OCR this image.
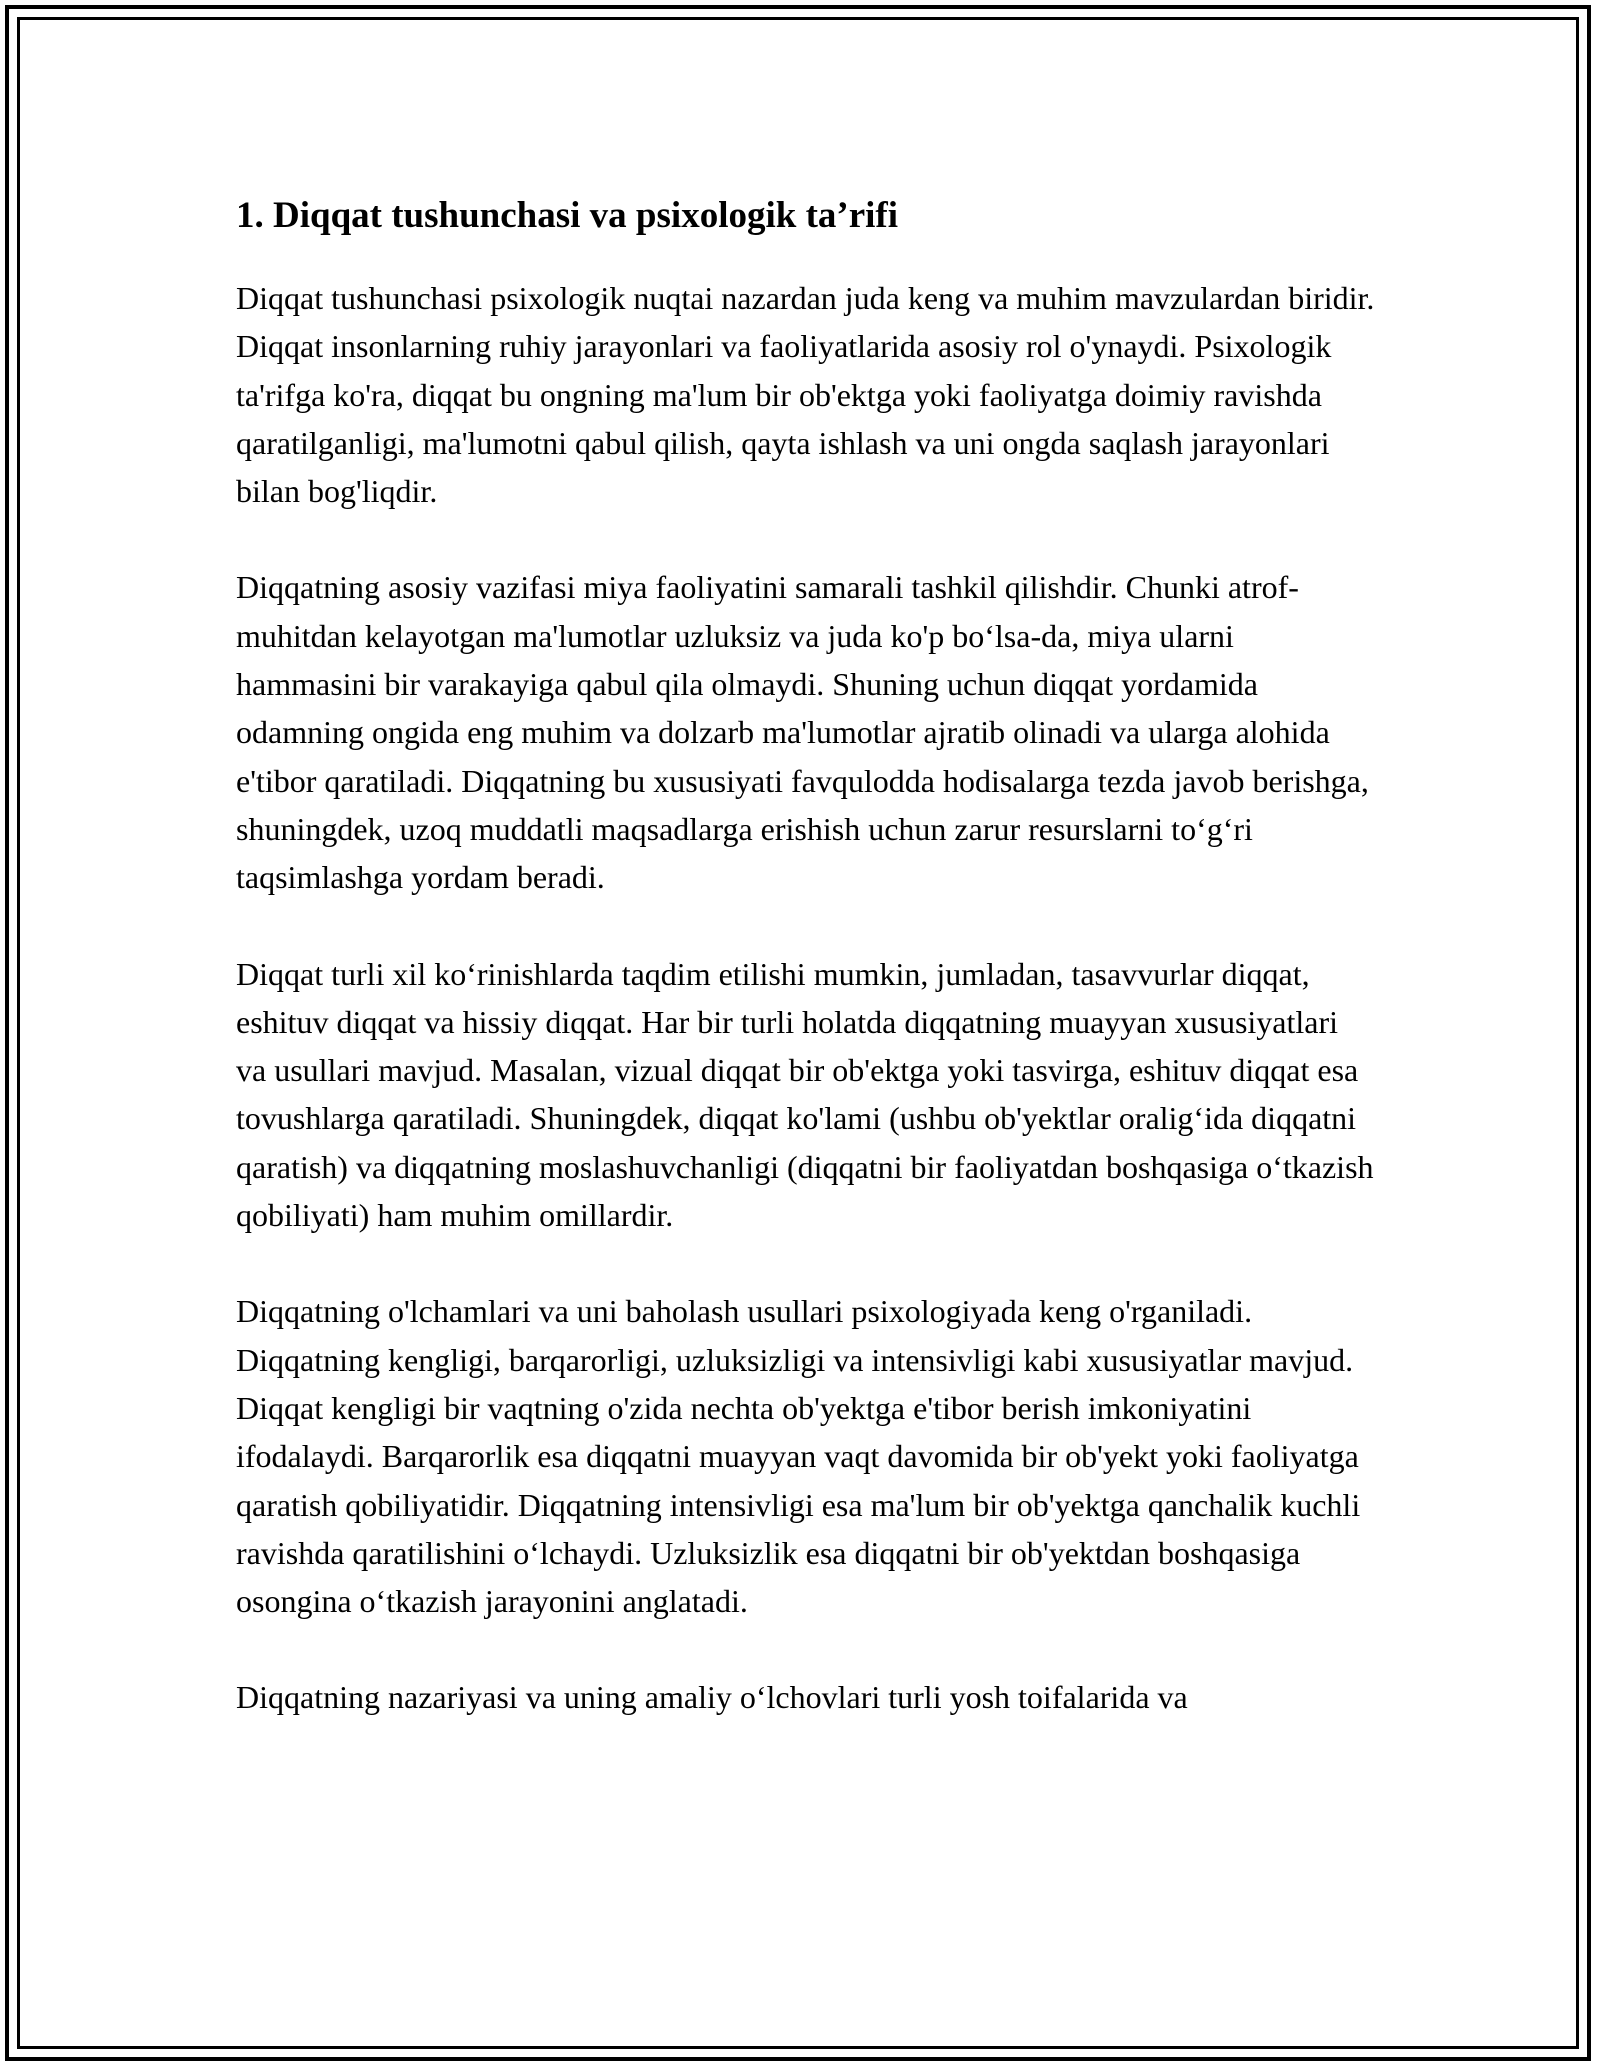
1. Diqqat tushunchasi va psixologik ta’rifi

Diqqat tushunchasi psixologik nuqtai nazardan juda keng va muhim mavzulardan biridir. Diqqat insonlarning ruhiy jarayonlari va faoliyatlarida asosiy rol o'ynaydi. Psixologik ta'rifga ko'ra, diqqat bu ongning ma'lum bir ob'ektga yoki faoliyatga doimiy ravishda qaratilganligi, ma'lumotni qabul qilish, qayta ishlash va uni ongda saqlash jarayonlari bilan bog'liqdir.

Diqqatning asosiy vazifasi miya faoliyatini samarali tashkil qilishdir. Chunki atrof-muhitdan kelayotgan ma'lumotlar uzluksiz va juda ko'p bo‘lsa-da, miya ularni hammasini bir varakayiga qabul qila olmaydi. Shuning uchun diqqat yordamida odamning ongida eng muhim va dolzarb ma'lumotlar ajratib olinadi va ularga alohida e'tibor qaratiladi. Diqqatning bu xususiyati favqulodda hodisalarga tezda javob berishga, shuningdek, uzoq muddatli maqsadlarga erishish uchun zarur resurslarni to‘g‘ri taqsimlashga yordam beradi.

Diqqat turli xil ko‘rinishlarda taqdim etilishi mumkin, jumladan, tasavvurlar diqqat, eshituv diqqat va hissiy diqqat. Har bir turli holatda diqqatning muayyan xususiyatlari va usullari mavjud. Masalan, vizual diqqat bir ob'ektga yoki tasvirga, eshituv diqqat esa tovushlarga qaratiladi. Shuningdek, diqqat ko'lami (ushbu ob'yektlar oralig‘ida diqqatni qaratish) va diqqatning moslashuvchanligi (diqqatni bir faoliyatdan boshqasiga o‘tkazish qobiliyati) ham muhim omillardir.

Diqqatning o'lchamlari va uni baholash usullari psixologiyada keng o'rganiladi. Diqqatning kengligi, barqarorligi, uzluksizligi va intensivligi kabi xususiyatlar mavjud. Diqqat kengligi bir vaqtning o'zida nechta ob'yektga e'tibor berish imkoniyatini ifodalaydi. Barqarorlik esa diqqatni muayyan vaqt davomida bir ob'yekt yoki faoliyatga qaratish qobiliyatidir. Diqqatning intensivligi esa ma'lum bir ob'yektga qanchalik kuchli ravishda qaratilishini o‘lchaydi. Uzluksizlik esa diqqatni bir ob'yektdan boshqasiga osongina o‘tkazish jarayonini anglatadi.

Diqqatning nazariyasi va uning amaliy o‘lchovlari turli yosh toifalarida va
